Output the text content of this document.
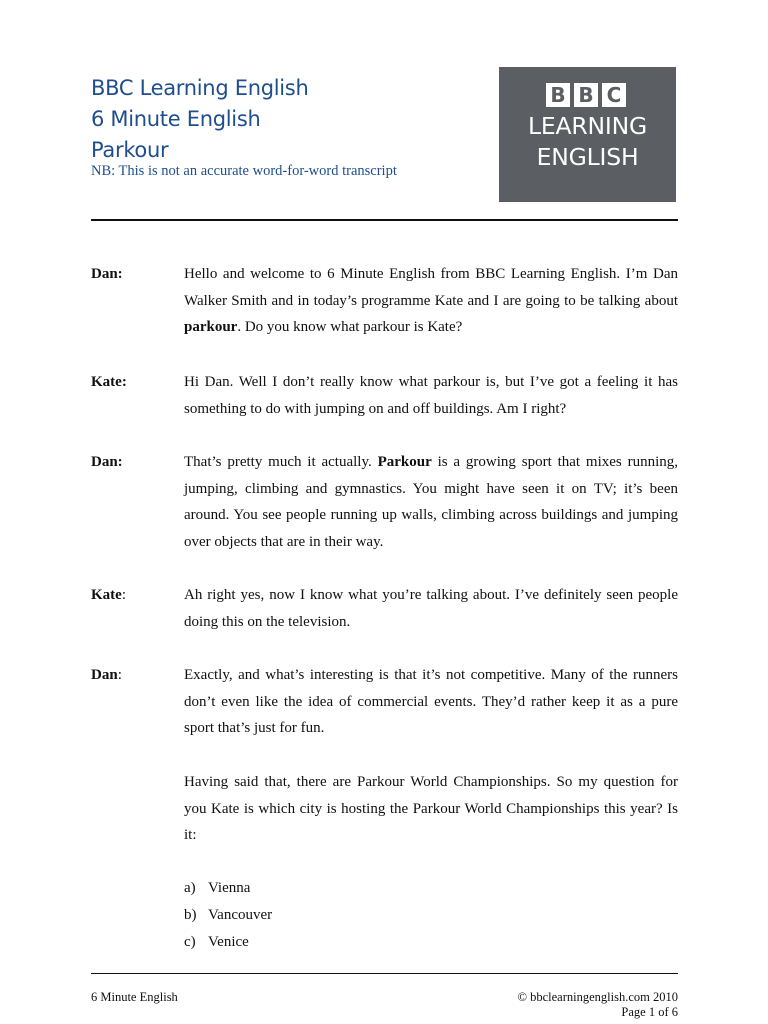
BBC Learning English
6 Minute English
Parkour
NB: This is not an accurate word-for-word transcript
B B C
LEARNING
ENGLISH
Dan:	Hello and welcome to 6 Minute English from BBC Learning English. I’m Dan Walker Smith and in today’s programme Kate and I are going to be talking about parkour. Do you know what parkour is Kate?
Kate:	Hi Dan. Well I don’t really know what parkour is, but I’ve got a feeling it has something to do with jumping on and off buildings. Am I right?
Dan:	That’s pretty much it actually. Parkour is a growing sport that mixes running, jumping, climbing and gymnastics. You might have seen it on TV; it’s been around. You see people running up walls, climbing across buildings and jumping over objects that are in their way.
Kate:	Ah right yes, now I know what you’re talking about. I’ve definitely seen people doing this on the television.
Dan:	Exactly, and what’s interesting is that it’s not competitive. Many of the runners don’t even like the idea of commercial events. They’d rather keep it as a pure sport that’s just for fun.
Having said that, there are Parkour World Championships. So my question for you Kate is which city is hosting the Parkour World Championships this year? Is it:
a) Vienna
b) Vancouver
c) Venice
6 Minute English	© bbclearningenglish.com 2010
Page 1 of 6
